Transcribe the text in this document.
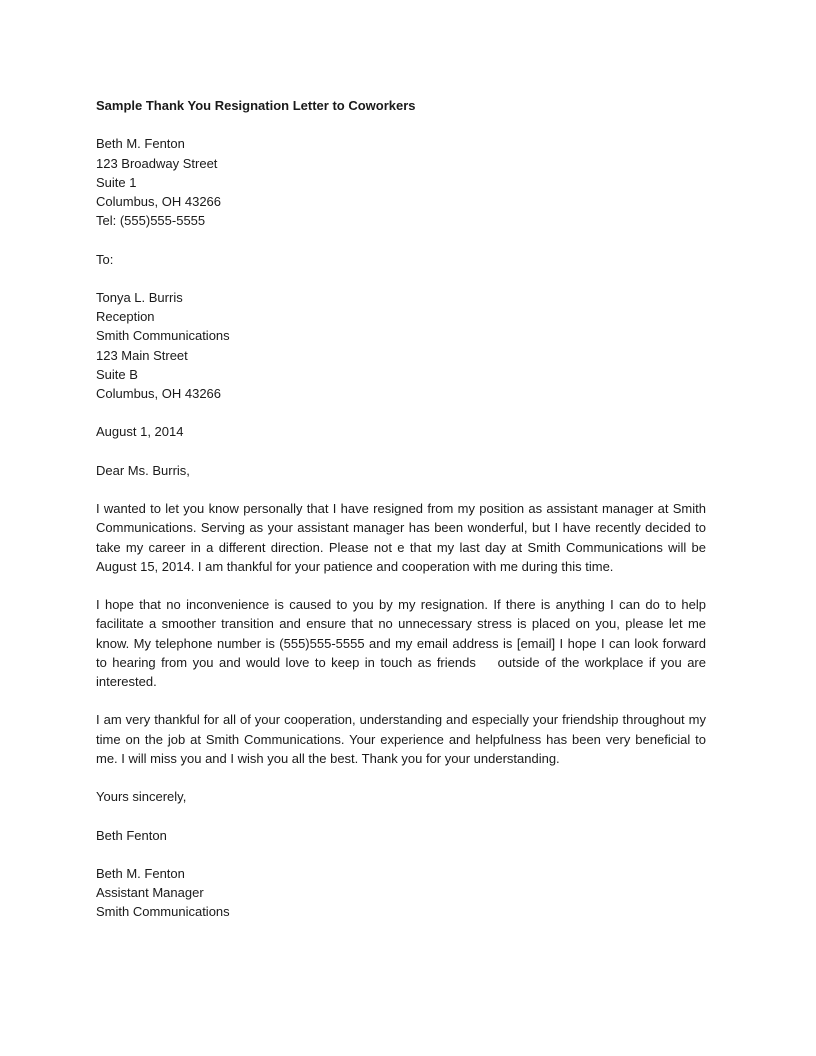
Sample Thank You Resignation Letter to Coworkers
Beth M. Fenton
123 Broadway Street
Suite 1
Columbus, OH 43266
Tel: (555)555-5555
To:
Tonya L. Burris
Reception
Smith Communications
123 Main Street
Suite B
Columbus, OH 43266
August 1, 2014
Dear Ms. Burris,

I wanted to let you know personally that I have resigned from my position as assistant manager at Smith Communications. Serving as your assistant manager has been wonderful, but I have recently decided to take my career in a different direction. Please not e that my last day at Smith Communications will be August 15, 2014. I am thankful for your patience and cooperation with me during this time.

I hope that no inconvenience is caused to you by my resignation. If there is anything I can do to help facilitate a smoother transition and ensure that no unnecessary stress is placed on you, please let me know. My telephone number is (555)555-5555 and my email address is [email] I hope I can look forward to hearing from you and would love to keep in touch as friends    outside of the workplace if you are interested.

I am very thankful for all of your cooperation, understanding and especially your friendship throughout my time on the job at Smith Communications. Your experience and helpfulness has been very beneficial to me. I will miss you and I wish you all the best. Thank you for your understanding.

Yours sincerely,
Beth Fenton
Beth M. Fenton
Assistant Manager
Smith Communications
